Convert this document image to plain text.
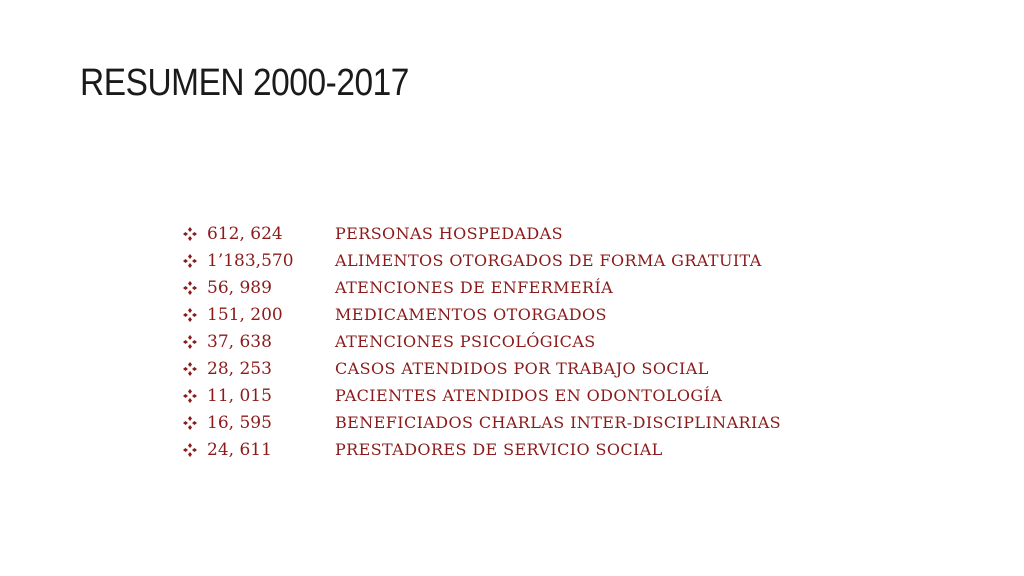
RESUMEN 2000-2017
612, 624	PERSONAS HOSPEDADAS
1’183,570	ALIMENTOS OTORGADOS DE FORMA GRATUITA
56, 989	ATENCIONES DE ENFERMERÍA
151, 200	MEDICAMENTOS OTORGADOS
37, 638	ATENCIONES PSICOLÓGICAS
28, 253	CASOS ATENDIDOS POR TRABAJO SOCIAL
11, 015	PACIENTES ATENDIDOS EN ODONTOLOGÍA
16, 595	BENEFICIADOS CHARLAS INTER-DISCIPLINARIAS
24, 611	PRESTADORES DE SERVICIO SOCIAL
